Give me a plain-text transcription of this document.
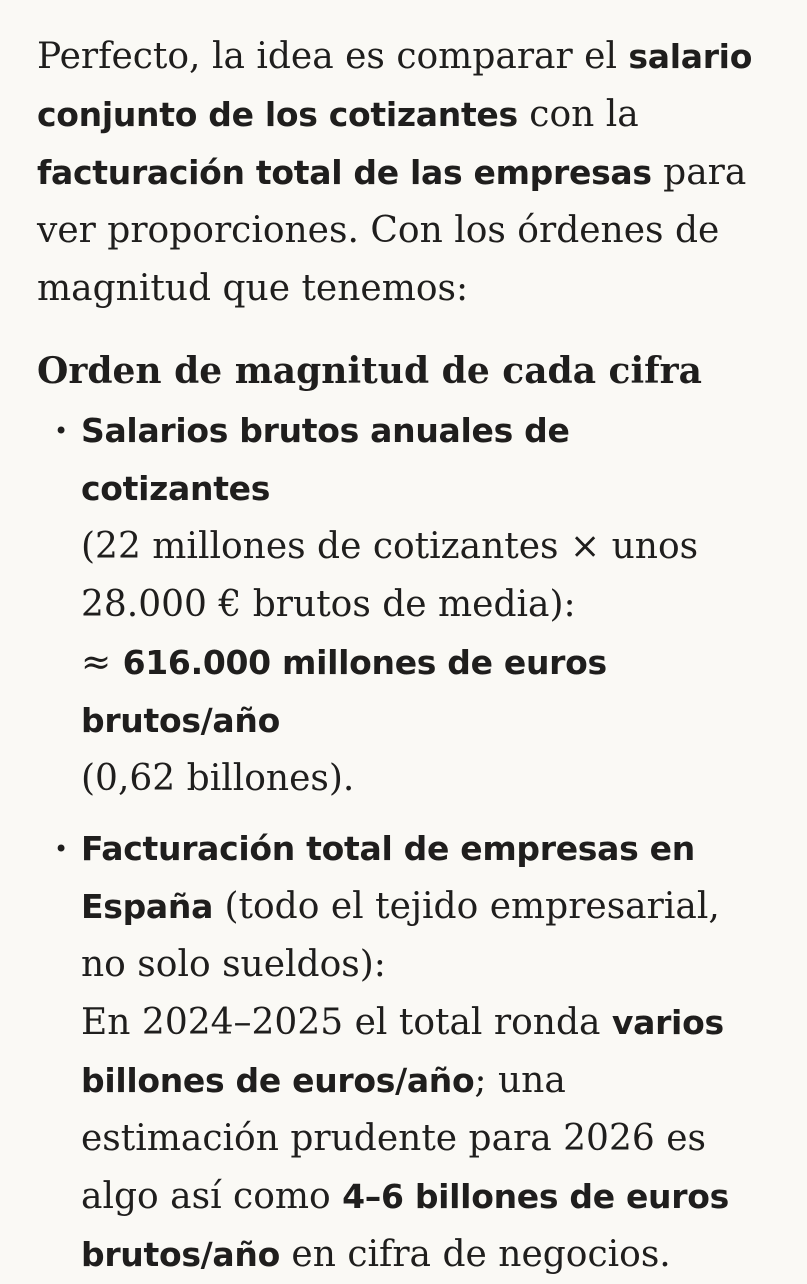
Perfecto, la idea es comparar el salario conjunto de los cotizantes con la facturación total de las empresas para ver proporciones. Con los órdenes de magnitud que tenemos:

Orden de magnitud de cada cifra
• Salarios brutos anuales de cotizantes
(22 millones de cotizantes × unos 28.000 € brutos de media):
≈ 616.000 millones de euros brutos/año
(0,62 billones).
• Facturación total de empresas en España (todo el tejido empresarial, no solo sueldos):
En 2024–2025 el total ronda varios billones de euros/año; una estimación prudente para 2026 es algo así como 4–6 billones de euros brutos/año en cifra de negocios.
